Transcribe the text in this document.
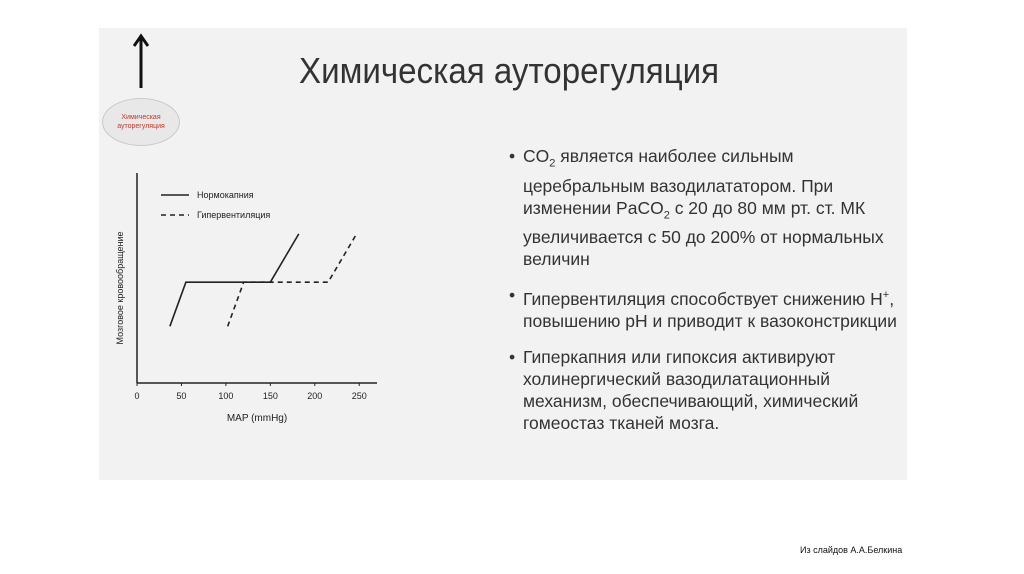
Химическая ауторегуляция
Химическая ауторегуляция
0	50	100	150	200	250
MAP (mmHg)
Мозговое кровообращение
Нормокапния
Гипервентиляция
• $CO_2$ является наиболее сильным церебральным вазодилататором. При изменении PaCO$_2$ с 20 до 80 мм рт. ст. МК увеличивается с 50 до 200% от нормальных величин
• Гипервентиляция способствует снижению H+, повышению pH и приводит к вазоконстрикции
• Гиперкапния или гипоксия активируют холинергический вазодилатационный механизм, обеспечивающий, химический гомеостаз тканей мозга.
Из слайдов А.А.Белкина
